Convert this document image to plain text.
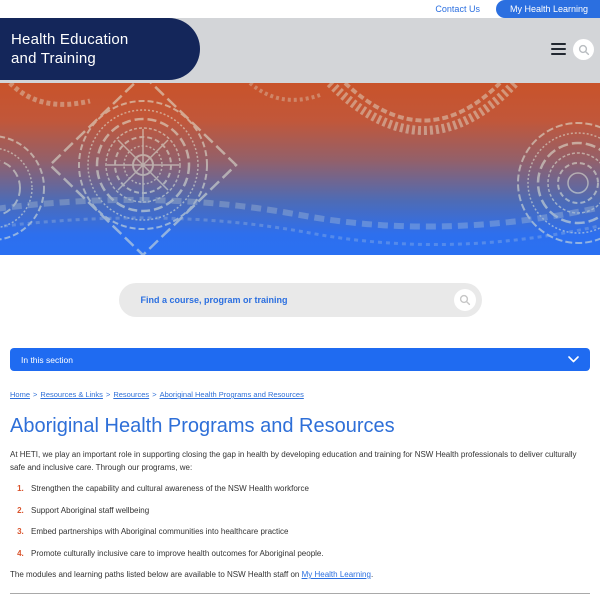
Contact Us	My Health Learning
Health Education
and Training
Find a course, program or training
In this section
Home > Resources & Links > Resources > Aboriginal Health Programs and Resources
Aboriginal Health Programs and Resources

At HETI, we play an important role in supporting closing the gap in health by developing education and training for NSW Health professionals to deliver culturally safe and inclusive care. Through our programs, we:

1. Strengthen the capability and cultural awareness of the NSW Health workforce
2. Support Aboriginal staff wellbeing
3. Embed partnerships with Aboriginal communities into healthcare practice
4. Promote culturally inclusive care to improve health outcomes for Aboriginal people.

The modules and learning paths listed below are available to NSW Health staff on My Health Learning.
